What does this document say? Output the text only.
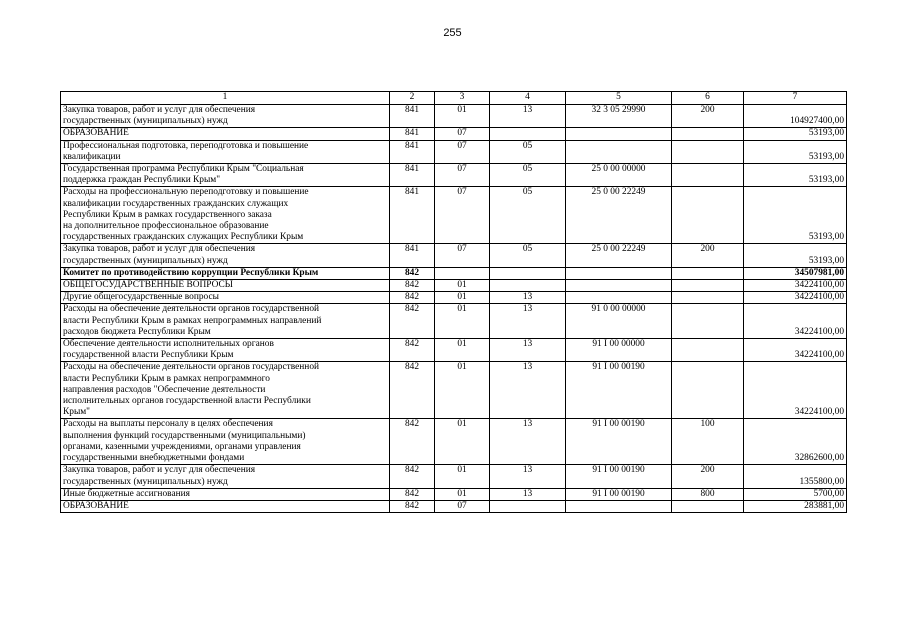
255
1	2	3	4	5	6	7
Закупка товаров, работ и услуг для обеспечения
государственных (муниципальных) нужд	841	01	13	32 3 05 29990	200	104927400,00
ОБРАЗОВАНИЕ	841	07				53193,00
Профессиональная подготовка, переподготовка и повышение
квалификации	841	07	05			53193,00
Государственная программа Республики Крым "Социальная
поддержка граждан Республики Крым"	841	07	05	25 0 00 00000		53193,00
Расходы на профессиональную переподготовку и повышение
квалификации государственных гражданских служащих
Республики Крым в рамках государственного заказа
на дополнительное профессиональное образование
государственных гражданских служащих Республики Крым	841	07	05	25 0 00 22249		53193,00
Закупка товаров, работ и услуг для обеспечения
государственных (муниципальных) нужд	841	07	05	25 0 00 22249	200	53193,00
Комитет по противодействию коррупции Республики Крым	842					34507981,00
ОБЩЕГОСУДАРСТВЕННЫЕ ВОПРОСЫ	842	01				34224100,00
Другие общегосударственные вопросы	842	01	13			34224100,00
Расходы на обеспечение деятельности органов государственной
власти Республики Крым в рамках непрограммных направлений
расходов бюджета Республики Крым	842	01	13	91 0 00 00000		34224100,00
Обеспечение деятельности исполнительных органов
государственной власти Республики Крым	842	01	13	91 I 00 00000		34224100,00
Расходы на обеспечение деятельности органов государственной
власти Республики Крым в рамках непрограммного
направления расходов "Обеспечение деятельности
исполнительных органов государственной власти Республики
Крым"	842	01	13	91 I 00 00190		34224100,00
Расходы на выплаты персоналу в целях обеспечения
выполнения функций государственными (муниципальными)
органами, казенными учреждениями, органами управления
государственными внебюджетными фондами	842	01	13	91 I 00 00190	100	32862600,00
Закупка товаров, работ и услуг для обеспечения
государственных (муниципальных) нужд	842	01	13	91 I 00 00190	200	1355800,00
Иные бюджетные ассигнования	842	01	13	91 I 00 00190	800	5700,00
ОБРАЗОВАНИЕ	842	07				283881,00
